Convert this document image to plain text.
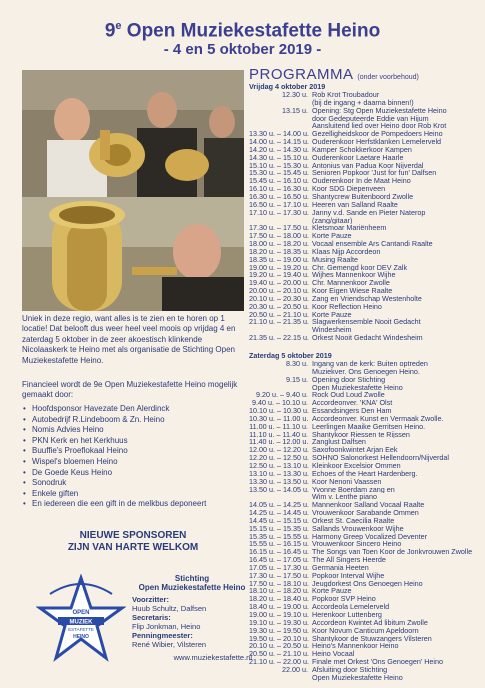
9e Open Muziekestafette Heino
- 4 en 5 oktober 2019 -
Uniek in deze regio, want alles is te zien en te horen op 1 locatie! Dat belooft dus weer heel veel moois op vrijdag 4 en zaterdag 5 oktober in de zeer akoestisch klinkende Nicolaaskerk te Heino met als organisatie de Stichting Open Muziekestafette Heino.
Financieel wordt de 9e Open Muziekestafette Heino mogelijk gemaakt door:
• Hoofdsponsor Havezate Den Alerdinck
• Autobedrijf R.Lindeboom & Zn. Heino
• Nomis Advies Heino
• PKN Kerk en het Kerkhuus
• Buuffie's Proeflokaal Heino
• Wispel's bloemen Heino
• De Goede Keus Heino
• Sonodruk
• Enkele giften
• En iedereen die een gift in de melkbus deponeert
NIEUWE SPONSOREN
ZIJN VAN HARTE WELKOM
OPEN
MUZIEK
ESTAFETTE
HEINO
Stichting
Open Muziekestafette Heino
Voorzitter:
Huub Schultz, Dalfsen
Secretaris:
Flip Jonkman, Heino
Penningmeester:
René Wibier, Vilsteren
www.muziekestafette.nl
PROGRAMMA (onder voorbehoud)
Vrijdag 4 oktober 2019
12.30 u. Rob Krot Troubadour
(bij de ingang + daarna binnen!)
13.15 u. Opening: Stg Open Muziekestafette Heino
door Gedeputeerde Eddie van Hijum
Aansluitend lied over Heino door Rob Krot
13.30 u. – 14.00 u. Gezelligheidskoor de Pompedoers Heino
14.00 u. – 14.15 u. Ouderenkoor Herfstklanken Lemelerveld
14.20 u. – 14.30 u. Kamper Schokkerkoor Kampen
14.30 u. – 15.10 u. Ouderenkoor Laetare Haarle
15.10 u. – 15.30 u. Antonius van Padua Koor Nijverdal
15.30 u. – 15.45 u. Senioren Popkoor 'Just for fun' Dalfsen
15.45 u. – 16.10 u. Ouderenkoor In de Maat Heino
16.10 u. – 16.30 u. Koor SDG Diepenveen
16.30 u. – 16.50 u. Shantycrew Buitenboord Zwolle
16.50 u. – 17.10 u. Heeren van Salland Raalte
17.10 u. – 17.30 u. Janny v.d. Sande en Pieter Naterop
(zang/gitaar)
17.30 u. – 17.50 u. Kletsmoar Mariënheem
17.50 u. – 18.00 u. Korte Pauze
18.00 u. – 18.20 u. Vocaal ensemble Ars Cantandi Raalte
18.20 u. – 18.35 u. Klaas Nijp Accordeon
18.35 u. – 19.00 u. Musing Raalte
19.00 u. – 19.20 u. Chr. Gemengd koor DEV Zalk
19.20 u. – 19.40 u. Wijhes Mannenkoor Wijhe
19.40 u. – 20.00 u. Chr. Mannenkoor Zwolle
20.00 u. – 20.10 u. Koor Eigen Wiese Raalte
20.10 u. – 20.30 u. Zang en Vriendschap Westenholte
20.30 u. – 20.50 u. Koor Reflection Heino
20.50 u. – 21.10 u. Korte Pauze
21.10 u. – 21.35 u. Slagwerkensemble Nooit Gedacht
Windesheim
21.35 u. – 22.15 u. Orkest Nooit Gedacht Windesheim
Zaterdag 5 oktober 2019
8.30 u. Ingang van de kerk: Buiten optreden
Muziekver. Ons Genoegen Heino.
9.15 u. Opening door Stichting
Open Muziekestafette Heino
9.20 u. – 9.40 u. Rock Oud Loud Zwolle
9.40 u. – 10.10 u. Accordeonver. 'KNA' Olst
10.10 u. – 10.30 u. Essandsingers Den Ham
10.30 u. – 11.00 u. Accordeonver. Kunst en Vermaak Zwolle.
11.00 u. – 11.10 u. Leerlingen Maaike Gerritsen Heino.
11.10 u. – 11.40 u. Shantykoor Riessen te Rijssen
11.40 u. – 12.00 u. Zanglust Dalfsen
12.00 u. – 12.20 u. Saxofoonkwintet Arjan Eek
12.20 u. – 12.50 u. SOHNO Salonorkest Hellendoorn/Nijverdal
12.50 u. – 13.10 u. Kleinkoor Excelsior Ommen
13.10 u. – 13.30 u. Echoes of the Heart Hardenberg.
13.30 u. – 13.50 u. Koor Nenoni Vaassen
13.50 u. – 14.05 u. Yvonne Boerdam zang en
Wim v. Lenthe piano
14.05 u. – 14.25 u. Mannenkoor Salland Vocaal Raalte
14.25 u. – 14.45 u. Vrouwenkoor Sarabande Ommen
14.45 u. – 15.15 u. Orkest St. Caecilia Raalte
15.15 u. – 15.35 u. Sallands Vrouwenkoor Wijhe
15.35 u. – 15.55 u. Harmony Greep Vocalized Deventer
15.55 u. – 16.15 u. Vrouwenkoor Sincero Heino
16.15 u. – 16.45 u. The Songs van Toen Koor de Jonkvrouwen Zwolle
16.45 u. – 17.05 u. The All Singers Heerde
17.05 u. – 17.30 u. Germania Heeten
17.30 u. – 17.50 u. Popkoor Interval Wijhe
17.50 u. – 18.10 u. Jeugdorkest Ons Genoegen Heino
18.10 u. – 18.20 u. Korte Pauze
18.20 u. – 18.40 u. Popkoor SVP Heino
18.40 u. – 19.00 u. Accordeola Lemelerveld
19.00 u. – 19.10 u. Herenkoor Luttenberg
19.10 u. – 19.30 u. Accordeon Kwintet Ad libitum Zwolle
19.30 u. – 19.50 u. Koor Novum Canticum Apeldoorn
19.50 u. – 20.10 u. Shantykoor de Stuwzangers Vilsteren
20.10 u. – 20.50 u. Heino's Mannenkoor Heino
20.50 u. – 21.10 u. Heino Vocaal
21.10 u. – 22.00 u. Finale met Orkest 'Ons Genoegen' Heino
22.00 u. Afsluiting door Stichting
Open Muziekestafette Heino
